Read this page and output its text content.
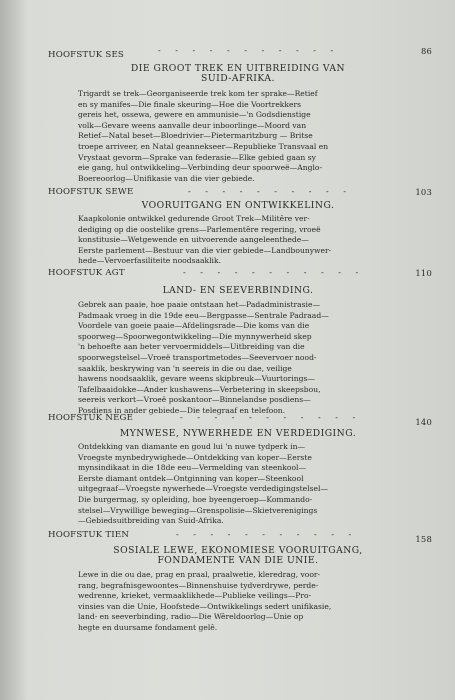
HOOFSTUK SES	- - - - - - - - - - -	86
DIE GROOT TREK EN UITBREIDING VAN
SUID-AFRIKA.
Trigardt se trek—Georganiseerde trek kom ter sprake—Retief
en sy manifes—Die finale skeuring—Hoe die Voortrekkers
gereis het, ossewa, gewere en ammunisie—'n Godsdienstige
volk—Gevare weens aanvalle deur inboorlinge—Moord van
Retief—Natal beset—Bloedrivier—Pietermaritzburg — Britse
troepe arriveer, en Natal geannekseer—Republieke Transvaal en
Vrystaat gevorm—Sprake van federasie—Elke gebied gaan sy
eie gang, hul ontwikkeling—Verbinding deur spoorweë—Anglo-
Boereoorlog—Unifikasie van die vier gebiede.
HOOFSTUK SEWE	- - - - - - - - - -	103
VOORUITGANG EN ONTWIKKELING.
Kaapkolonie ontwikkel gedurende Groot Trek—Militêre ver-
dediging op die oostelike grens—Parlementêre regering, vroeë
konstitusie—Wetgewende en uitvoerende aangeleenthede—
Eerste parlement—Bestuur van die vier gebiede—Landbounywer-
hede—Vervoerfasiliteite noodsaaklik.
HOOFSTUK AGT	- - - - - - - - - - -	110
LAND- EN SEEVERBINDING.
Gebrek aan paaie, hoe paaie ontstaan het—Padadministrasie—
Padmaak vroeg in die 19de eeu—Bergpasse—Sentrale Padraad—
Voordele van goeie paaie—Afdelingsrade—Die koms van die
spoorweg—Spoorwegontwikkeling—Die mynnywerheid skep
'n behoefte aan beter vervoermiddels—Uitbreiding van die
spoorwegstelsel—Vroeë transportmetodes—Seevervoer nood-
saaklik, beskrywing van 'n seereis in die ou dae, veilige
hawens noodsaaklik, gevare weens skipbreuk—Vuurtorings—
Tafelbaaidokke—Ander kushawens—Verbetering in skeepsbou,
seereis verkort—Vroeë poskantoor—Binnelandse posdiens—
Posdiens in ander gebiede—Die telegraaf en telefoon.
HOOFSTUK NEGE	- - - - - - - - - - -	140
MYNWESE, NYWERHEDE EN VERDEDIGING.
Ontdekking van diamante en goud lui 'n nuwe tydperk in—
Vroegste mynbedrywighede—Ontdekking van koper—Eerste
mynsindikaat in die 18de eeu—Vermelding van steenkool—
Eerste diamant ontdek—Ontginning van koper—Steenkool
uitgegraaf—Vroegste nywerhede—Vroegste verdedigingstelsel—
Die burgermag, sy opleiding, hoe byeengeroep—Kommando-
stelsel—Vrywillige beweging—Grenspolisie—Skietverenigings
—Gebiedsuitbreiding van Suid-Afrika.
HOOFSTUK TIEN	- - - - - - - - - - -	158
SOSIALE LEWE, EKONOMIESE VOORUITGANG,
FONDAMENTE VAN DIE UNIE.
Lewe in die ou dae, prag en praal, praalwetie, kleredrag, voor-
rang, begrafnisgewoontes—Binnenshuise tydverdrywe, perde-
wedrenne, krieket, vermaaklikhede—Publieke veilings—Pro-
vinsies van die Unie, Hoofstede—Ontwikkelings sedert unifikasie,
land- en seeverbinding, radio—Die Wêreldoorlog—Unie op
hegte en duursame fondament gelê.
